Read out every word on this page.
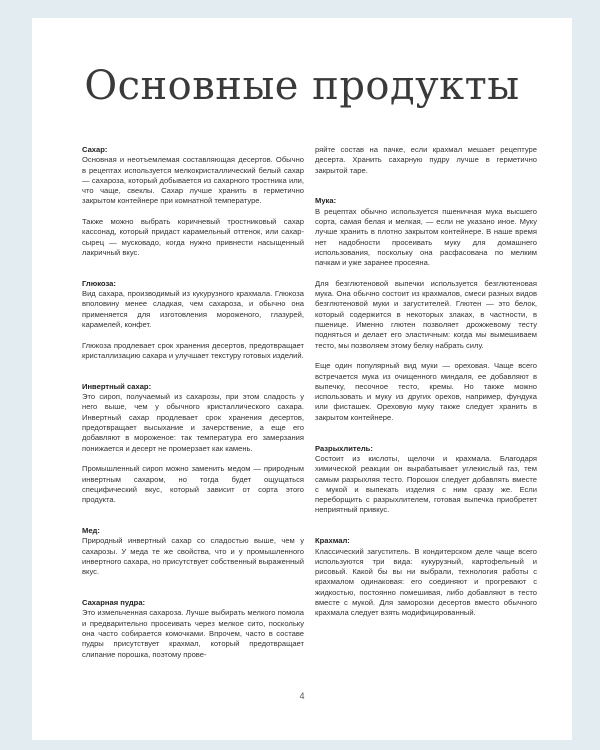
Основные продукты

Сахар:

Основная и неотъемлемая составляющая десертов. Обычно в рецептах используется мелкокристаллический белый сахар — сахароза, который добывается из сахарного тростника или, что чаще, свеклы. Сахар лучше хранить в герметично закрытом контейнере при комнатной температуре.

Также можно выбрать коричневый тростниковый сахар кассонад, который придаст карамельный оттенок, или сахар-сырец — мусковадо, когда нужно привнести насыщенный лакричный вкус.

Глюкоза:

Вид сахара, производимый из кукурузного крахмала. Глюкоза вполовину менее сладкая, чем сахароза, и обычно она применяется для изготовления мороженого, глазурей, карамелей, конфет.

Глюкоза продлевает срок хранения десертов, предотвращает кристаллизацию сахара и улучшает текстуру готовых изделий.

Инвертный сахар:

Это сироп, получаемый из сахарозы, при этом сладость у него выше, чем у обычного кристаллического сахара. Инвертный сахар продлевает срок хранения десертов, предотвращает высыхание и зачерствение, а еще его добавляют в мороженое: так температура его замерзания понижается и десерт не промерзает как камень.

Промышленный сироп можно заменить медом — природным инвертным сахаром, но тогда будет ощущаться специфический вкус, который зависит от сорта этого продукта.

Мед:

Природный инвертный сахар со сладостью выше, чем у сахарозы. У меда те же свойства, что и у промышленного инвертного сахара, но присутствует собственный выраженный вкус.

Сахарная пудра:

Это измельченная сахароза. Лучше выбирать мелкого помола и предварительно просеивать через мелкое сито, поскольку она часто собирается комочками. Впрочем, часто в составе пудры присутствует крахмал, который предотвращает слипание порошка, поэтому прове-

ряйте состав на пачке, если крахмал мешает рецептуре десерта. Хранить сахарную пудру лучше в герметично закрытой таре.

Мука:

В рецептах обычно используется пшеничная мука высшего сорта, самая белая и мелкая, — если не указано иное. Муку лучше хранить в плотно закрытом контейнере. В наше время нет надобности просеивать муку для домашнего использования, поскольку она расфасована по мелким пачкам и уже заранее просеяна.

Для безглютеновой выпечки используется безглютеновая мука. Она обычно состоит из крахмалов, смеси разных видов безглютеновой муки и загустителей. Глютен — это белок, который содержится в некоторых злаках, в частности, в пшенице. Именно глютен позволяет дрожжевому тесту подняться и делает его эластичным: когда мы вымешиваем тесто, мы позволяем этому белку набрать силу.

Еще один популярный вид муки — ореховая. Чаще всего встречается мука из очищенного миндаля, ее добавляют в выпечку, песочное тесто, кремы. Но также можно использовать и муку из других орехов, например, фундука или фисташек. Ореховую муку также следует хранить в закрытом контейнере.

Разрыхлитель:

Состоит из кислоты, щелочи и крахмала. Благодаря химической реакции он вырабатывает углекислый газ, тем самым разрыхляя тесто. Порошок следует добавлять вместе с мукой и выпекать изделия с ним сразу же. Если переборщить с разрыхлителем, готовая выпечка приобретет неприятный привкус.

Крахмал:

Классический загуститель. В кондитерском деле чаще всего используются три вида: кукурузный, картофельный и рисовый. Какой бы вы ни выбрали, технология работы с крахмалом одинаковая: его соединяют и прогревают с жидкостью, постоянно помешивая, либо добавляют в тесто вместе с мукой. Для заморозки десертов вместо обычного крахмала следует взять модифицированный.

4
